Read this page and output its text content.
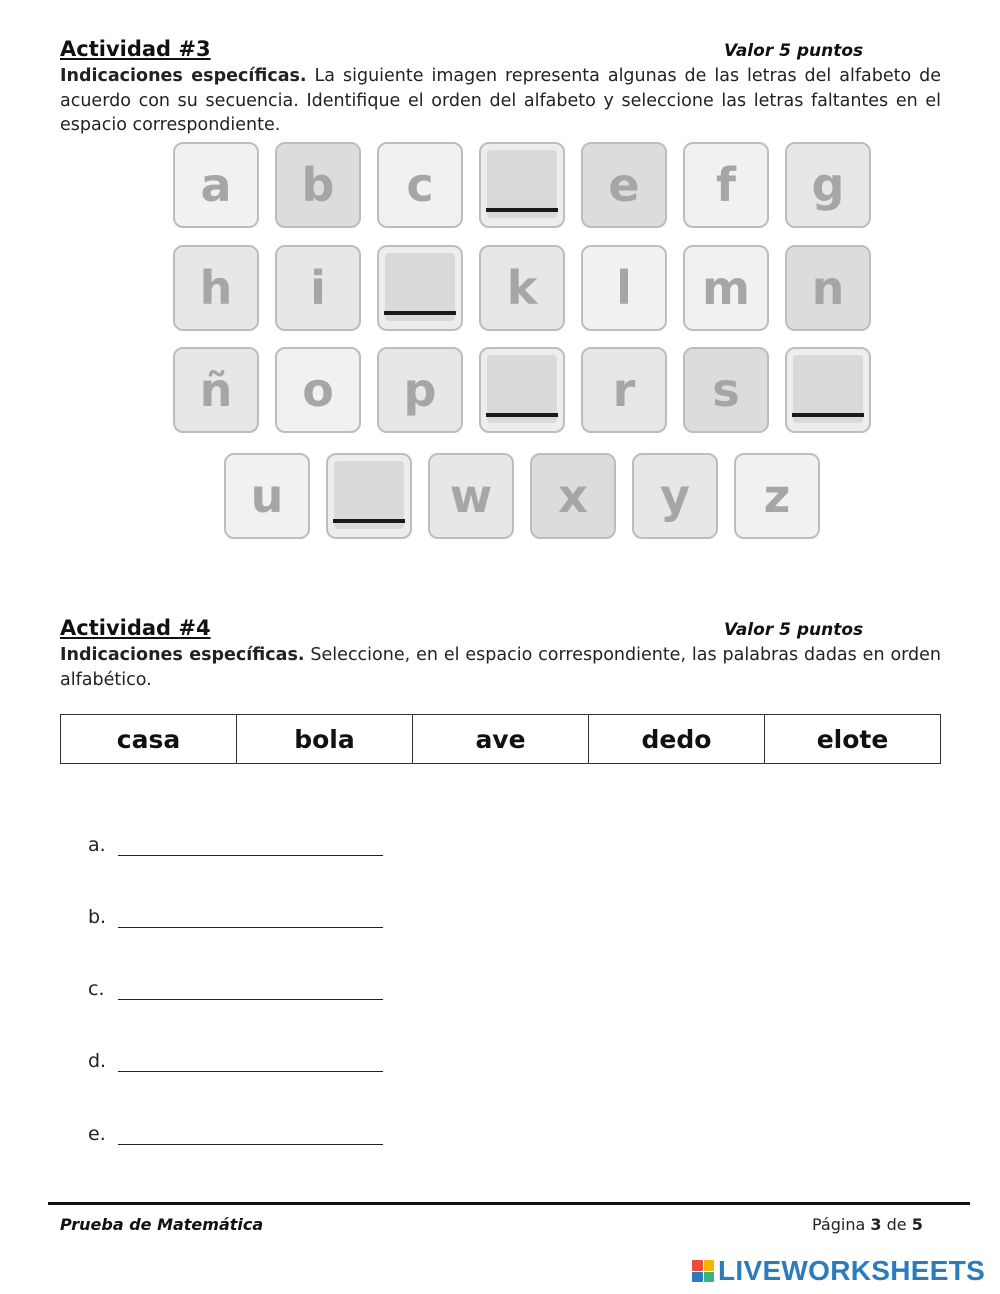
Actividad #3	Valor 5 puntos

Indicaciones específicas. La siguiente imagen representa algunas de las letras del alfabeto de acuerdo con su secuencia. Identifique el orden del alfabeto y seleccione las letras faltantes en el espacio correspondiente.

a	b	c	e	f	g
h	i	k	l	m	n
ñ	o	p	r	s
u	w	x	y	z
Actividad #4	Valor 5 puntos

Indicaciones específicas. Seleccione, en el espacio correspondiente, las palabras dadas en orden alfabético.

casa	bola	ave	dedo	elote
a.
b.
c.
d.
e.
Prueba de Matemática	Página 3 de 5
LIVEWORKSHEETS
